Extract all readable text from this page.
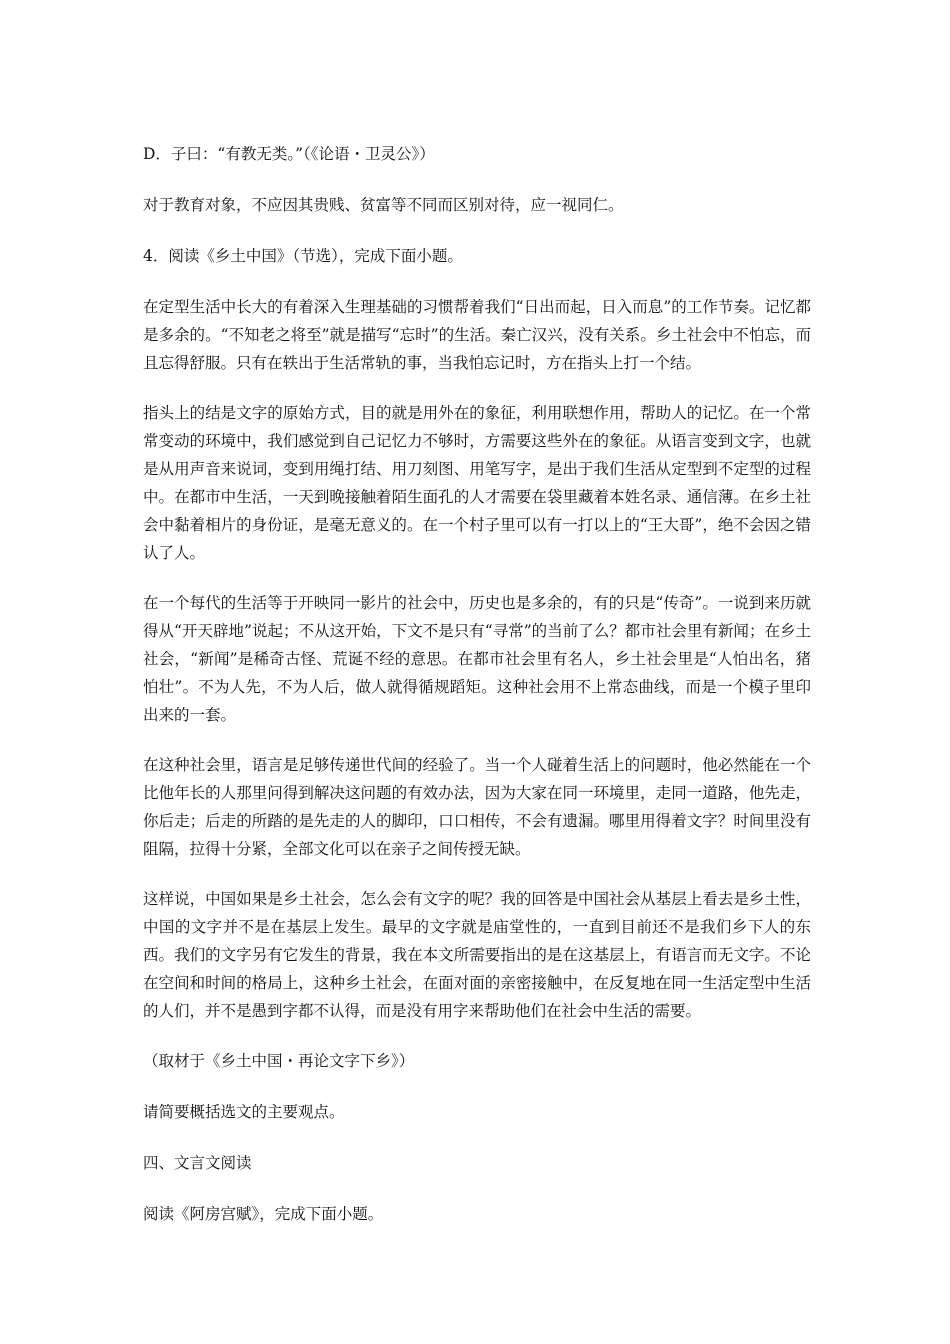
D．子曰：“有教无类。”（《论语・卫灵公》）

对于教育对象，不应因其贵贱、贫富等不同而区别对待，应一视同仁。

4．阅读《乡土中国》（节选），完成下面小题。

在定型生活中长大的有着深入生理基础的习惯帮着我们“日出而起，日入而息”的工作节奏。记忆都是多余的。“不知老之将至”就是描写“忘时”的生活。秦亡汉兴，没有关系。乡土社会中不怕忘，而且忘得舒服。只有在轶出于生活常轨的事，当我怕忘记时，方在指头上打一个结。

指头上的结是文字的原始方式，目的就是用外在的象征，利用联想作用，帮助人的记忆。在一个常常变动的环境中，我们感觉到自己记忆力不够时，方需要这些外在的象征。从语言变到文字，也就是从用声音来说词，变到用绳打结、用刀刻图、用笔写字，是出于我们生活从定型到不定型的过程中。在都市中生活，一天到晚接触着陌生面孔的人才需要在袋里藏着本姓名录、通信薄。在乡土社会中黏着相片的身份证，是毫无意义的。在一个村子里可以有一打以上的“王大哥”，绝不会因之错认了人。

在一个每代的生活等于开映同一影片的社会中，历史也是多余的，有的只是“传奇”。一说到来历就得从“开天辟地”说起；不从这开始，下文不是只有“寻常”的当前了么？都市社会里有新闻；在乡土社会，“新闻”是稀奇古怪、荒诞不经的意思。在都市社会里有名人，乡土社会里是“人怕出名，猪怕壮”。不为人先，不为人后，做人就得循规蹈矩。这种社会用不上常态曲线，而是一个模子里印出来的一套。

在这种社会里，语言是足够传递世代间的经验了。当一个人碰着生活上的问题时，他必然能在一个比他年长的人那里问得到解决这问题的有效办法，因为大家在同一环境里，走同一道路，他先走，你后走；后走的所踏的是先走的人的脚印，口口相传，不会有遗漏。哪里用得着文字？时间里没有阻隔，拉得十分紧，全部文化可以在亲子之间传授无缺。

这样说，中国如果是乡土社会，怎么会有文字的呢？我的回答是中国社会从基层上看去是乡土性，中国的文字并不是在基层上发生。最早的文字就是庙堂性的，一直到目前还不是我们乡下人的东西。我们的文字另有它发生的背景，我在本文所需要指出的是在这基层上，有语言而无文字。不论在空间和时间的格局上，这种乡土社会，在面对面的亲密接触中，在反复地在同一生活定型中生活的人们，并不是愚到字都不认得，而是没有用字来帮助他们在社会中生活的需要。

（取材于《乡土中国・再论文字下乡》）

请简要概括选文的主要观点。

四、文言文阅读

阅读《阿房宫赋》，完成下面小题。
